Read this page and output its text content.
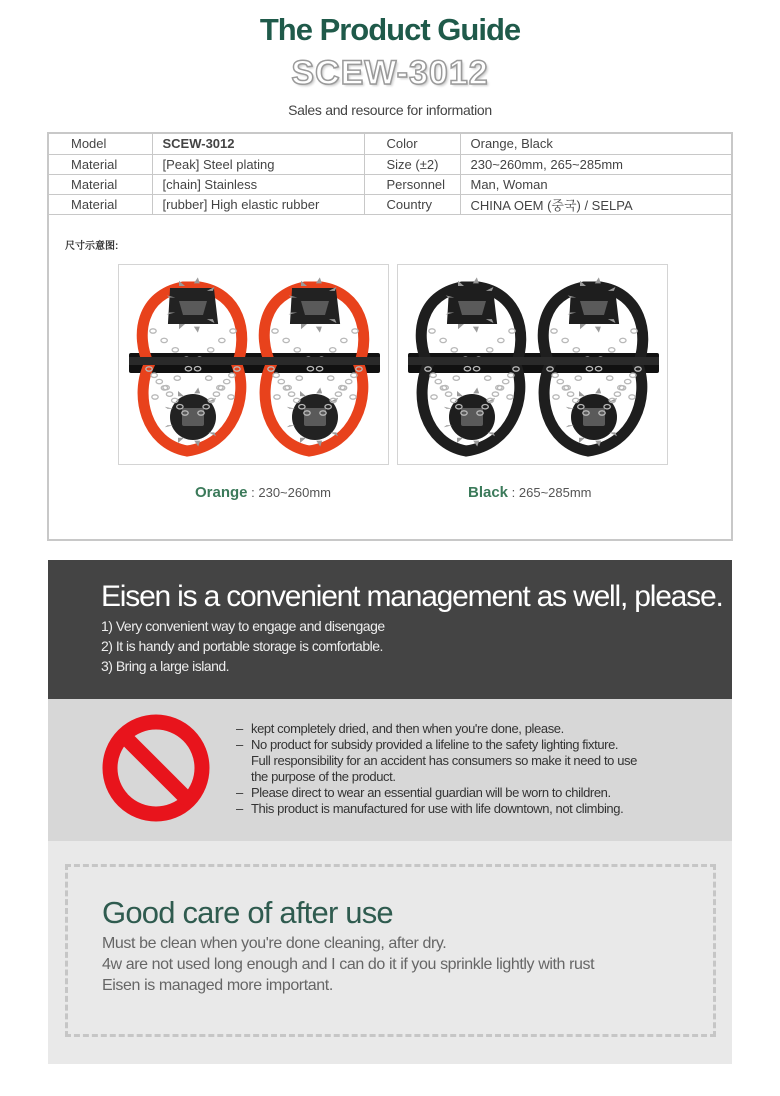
The Product Guide
SCEW-3012
Sales and resource for information
Model	SCEW-3012	Color	Orange, Black
Material	[Peak] Steel plating	Size (±2)	230~260mm, 265~285mm
Material	[chain] Stainless	Personnel	Man, Woman
Material	[rubber] High elastic rubber	Country	CHINA OEM (중국) / SELPA
尺寸示意图:
Orange : 230~260mm	Black : 265~285mm
Eisen is a convenient management as well, please.
1) Very convenient way to engage and disengage
2) It is handy and portable storage is comfortable.
3) Bring a large island.
– kept completely dried, and then when you're done, please.
– No product for subsidy provided a lifeline to the safety lighting fixture.
Full responsibility for an accident has consumers so make it need to use
the purpose of the product.
– Please direct to wear an essential guardian will be worn to children.
– This product is manufactured for use with life downtown, not climbing.
Good care of after use
Must be clean when you're done cleaning, after dry.
4w are not used long enough and I can do it if you sprinkle lightly with rust
Eisen is managed more important.
